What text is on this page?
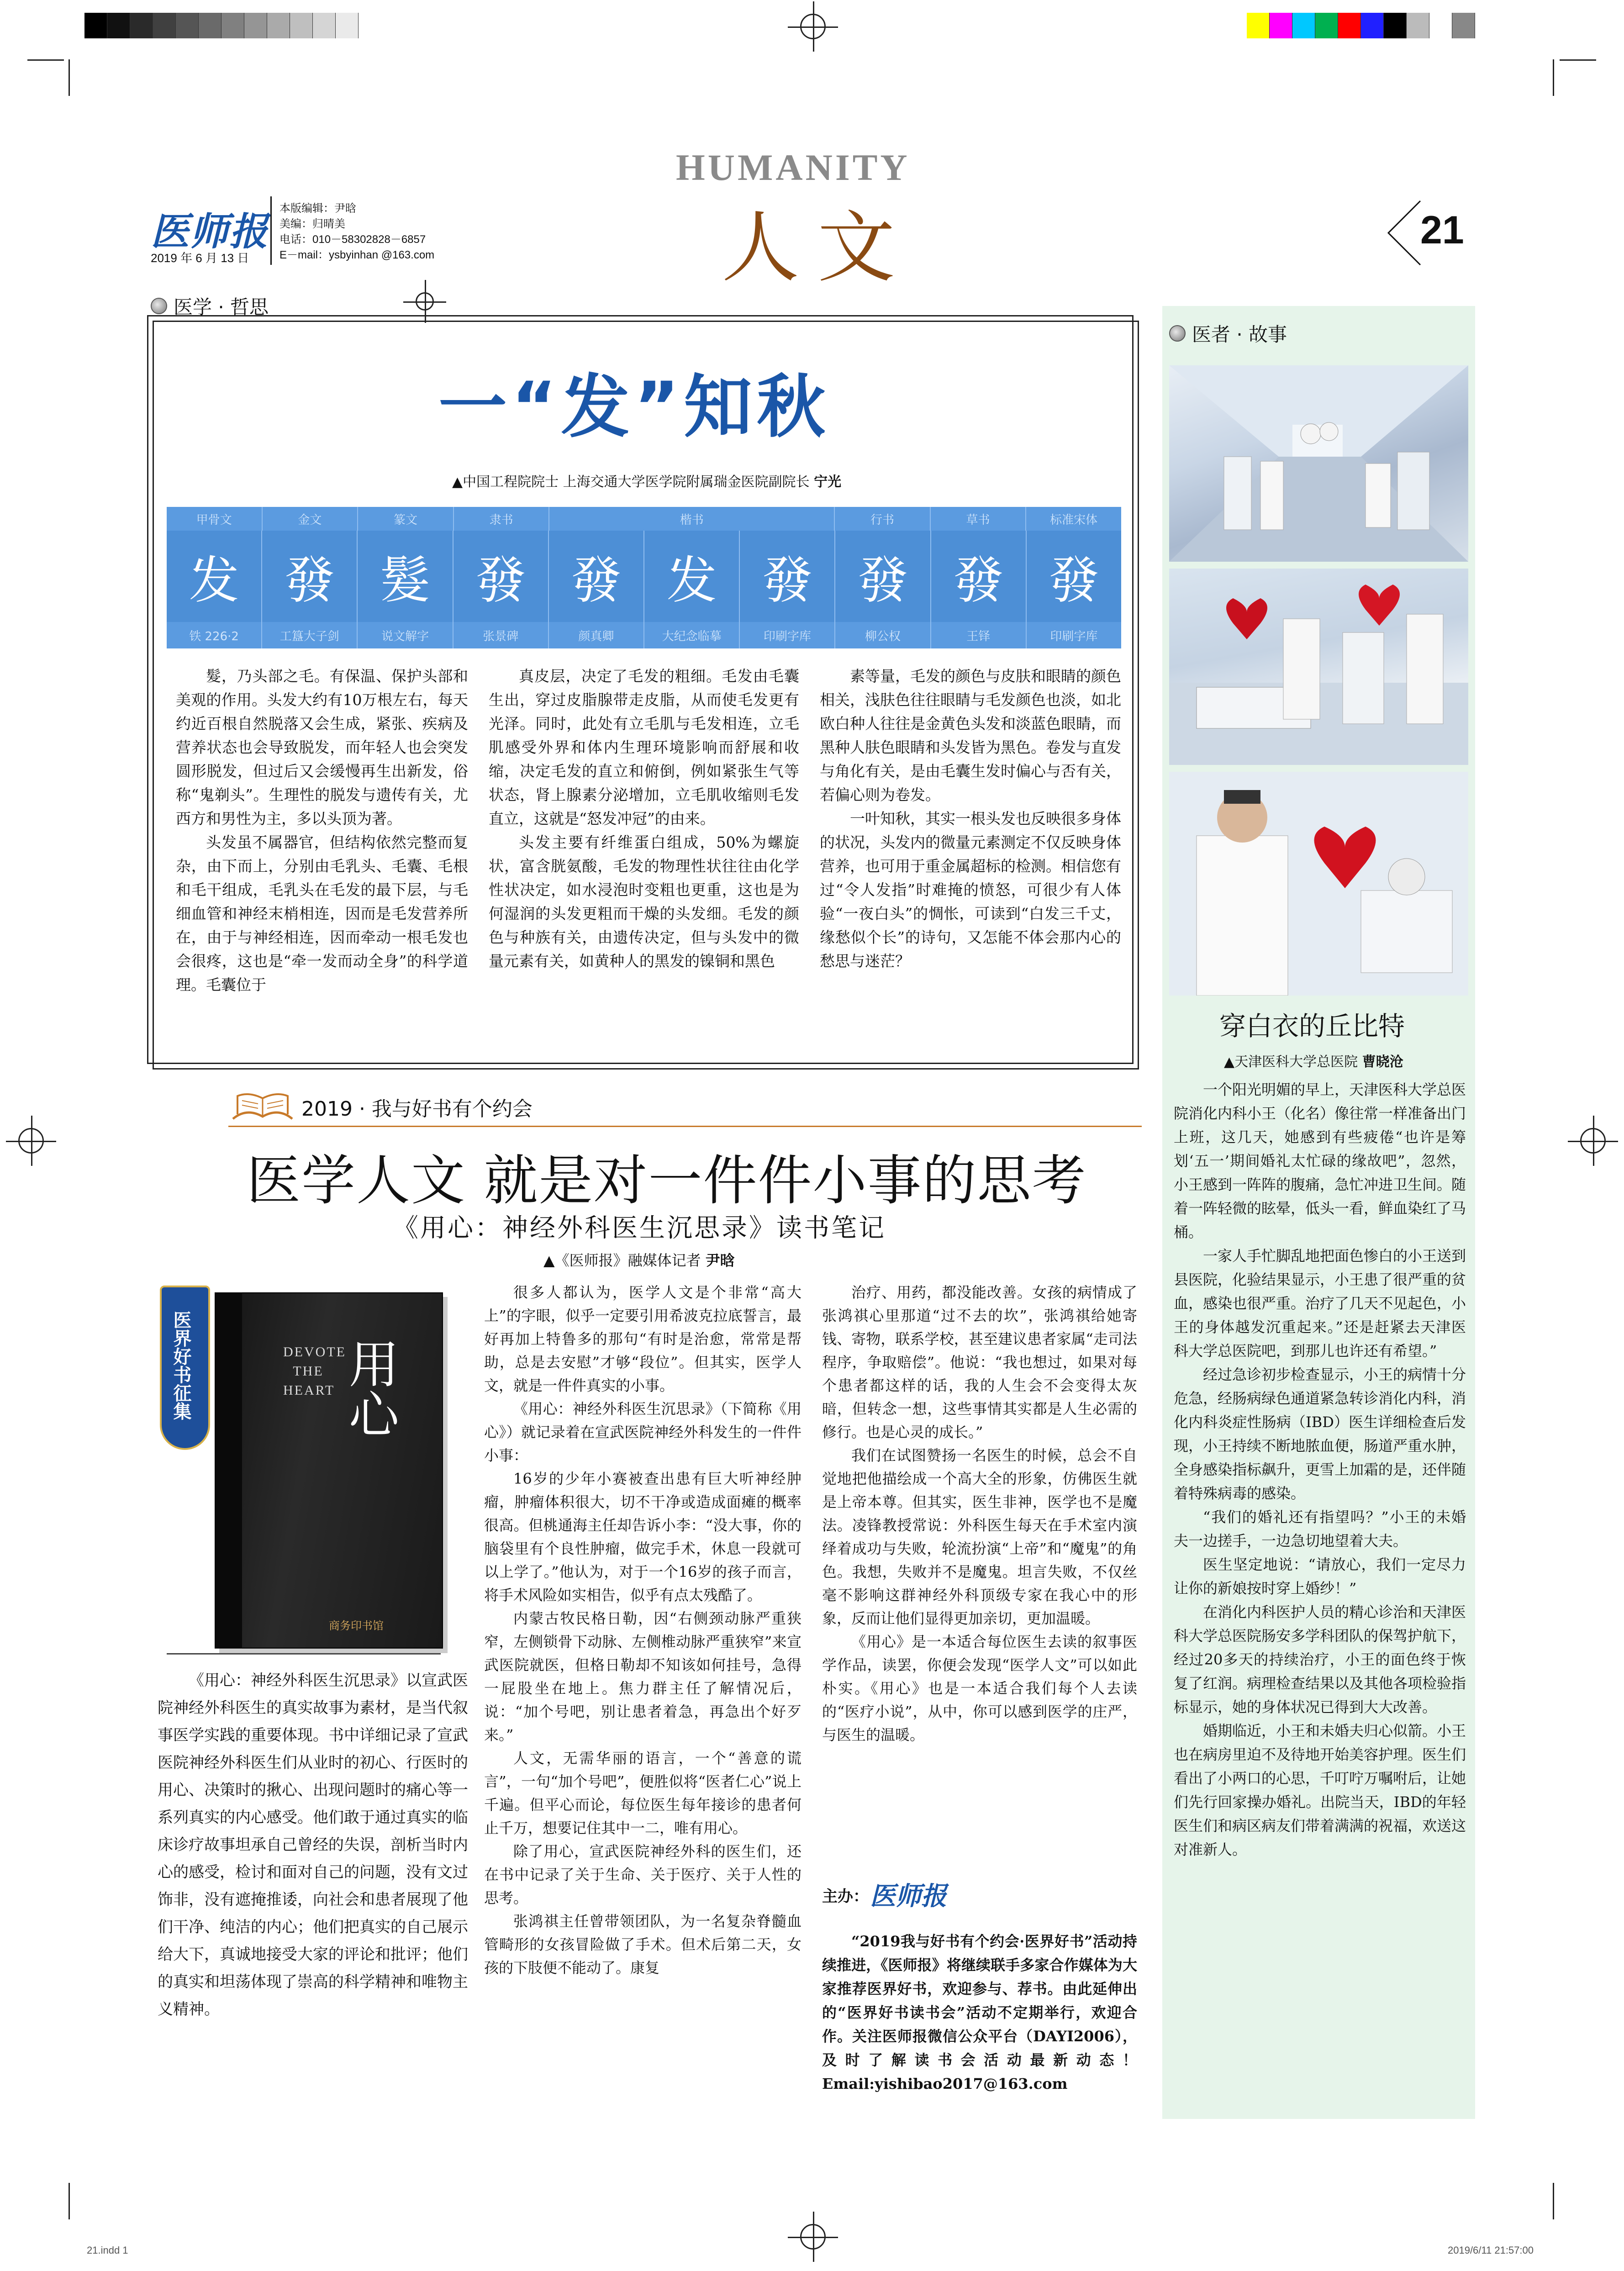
医师报
2019 年 6 月 13 日
本版编辑：尹晗
美编：归晴美
电话：010－58302828－6857
E－mail：ysbyinhan @163.com
HUMANITY
人文	21
医学 · 哲思
一“发”知秋
▲中国工程院院士 上海交通大学医学院附属瑞金医院副院长 宁光
甲骨文	金文	篆文	隶书	楷书	行书	草书	标准宋体
发 發 髮 發 發 发 發 發 發 發
铁 226·2	工簋大子剑	说文解字	张景碑	颜真卿	大纪念临摹	印刷字库	柳公权	王铎	印刷字库

髮，乃头部之毛。有保温、保护头部和美观的作用。头发大约有10万根左右，每天约近百根自然脱落又会生成，紧张、疾病及营养状态也会导致脱发，而年轻人也会突发圆形脱发，但过后又会缓慢再生出新发，俗称“鬼剃头”。生理性的脱发与遗传有关，尤西方和男性为主，多以头顶为著。

头发虽不属器官，但结构依然完整而复杂，由下而上，分别由毛乳头、毛囊、毛根和毛干组成，毛乳头在毛发的最下层，与毛细血管和神经末梢相连，因而是毛发营养所在，由于与神经相连，因而牵动一根毛发也会很疼，这也是“牵一发而动全身”的科学道理。毛囊位于

真皮层，决定了毛发的粗细。毛发由毛囊生出，穿过皮脂腺带走皮脂，从而使毛发更有光泽。同时，此处有立毛肌与毛发相连，立毛肌感受外界和体内生理环境影响而舒展和收缩，决定毛发的直立和俯倒，例如紧张生气等状态，肾上腺素分泌增加，立毛肌收缩则毛发直立，这就是“怒发冲冠”的由来。

头发主要有纤维蛋白组成，50%为螺旋状，富含胱氨酸，毛发的物理性状往往由化学性状决定，如水浸泡时变粗也更重，这也是为何湿润的头发更粗而干燥的头发细。毛发的颜色与种族有关，由遗传决定，但与头发中的微量元素有关，如黄种人的黑发的镍铜和黑色

素等量，毛发的颜色与皮肤和眼睛的颜色相关，浅肤色往往眼睛与毛发颜色也淡，如北欧白种人往往是金黄色头发和淡蓝色眼睛，而黑种人肤色眼睛和头发皆为黑色。卷发与直发与角化有关，是由毛囊生发时偏心与否有关，若偏心则为卷发。

一叶知秋，其实一根头发也反映很多身体的状况，头发内的微量元素测定不仅反映身体营养，也可用于重金属超标的检测。相信您有过“令人发指”时难掩的愤怒，可很少有人体验“一夜白头”的惆怅，可读到“白发三千丈，缘愁似个长”的诗句，又怎能不体会那内心的愁思与迷茫？

医者 · 故事
穿白衣的丘比特
▲天津医科大学总医院 曹晓沧

一个阳光明媚的早上，天津医科大学总医院消化内科小王（化名）像往常一样准备出门上班，这几天，她感到有些疲倦“也许是筹划‘五一’期间婚礼太忙碌的缘故吧”，忽然，小王感到一阵阵的腹痛，急忙冲进卫生间。随着一阵轻微的眩晕，低头一看，鲜血染红了马桶。

一家人手忙脚乱地把面色惨白的小王送到县医院，化验结果显示，小王患了很严重的贫血，感染也很严重。治疗了几天不见起色，小王的身体越发沉重起来。”还是赶紧去天津医科大学总医院吧，到那儿也许还有希望。”

经过急诊初步检查显示，小王的病情十分危急，经肠病绿色通道紧急转诊消化内科，消化内科炎症性肠病（IBD）医生详细检查后发现，小王持续不断地脓血便，肠道严重水肿，全身感染指标飙升，更雪上加霜的是，还伴随着特殊病毒的感染。

“我们的婚礼还有指望吗？”小王的未婚夫一边搓手，一边急切地望着大夫。

医生坚定地说：“请放心，我们一定尽力让你的新娘按时穿上婚纱！”

在消化内科医护人员的精心诊治和天津医科大学总医院肠安多学科团队的保驾护航下，经过20多天的持续治疗，小王的面色终于恢复了红润。病理检查结果以及其他各项检验指标显示，她的身体状况已得到大大改善。

婚期临近，小王和未婚夫归心似箭。小王也在病房里迫不及待地开始美容护理。医生们看出了小两口的心思，千叮咛万嘱咐后，让她们先行回家操办婚礼。出院当天，IBD的年轻医生们和病区病友们带着满满的祝福，欢送这对准新人。

2019 · 我与好书有个约会
医学人文 就是对一件件小事的思考
《用心：神经外科医生沉思录》读书笔记
▲《医师报》融媒体记者 尹晗
DEVOTE THE HEART 用心
商务印书馆
医界好书征集

《用心：神经外科医生沉思录》以宣武医院神经外科医生的真实故事为素材，是当代叙事医学实践的重要体现。书中详细记录了宣武医院神经外科医生们从业时的初心、行医时的用心、决策时的揪心、出现问题时的痛心等一系列真实的内心感受。他们敢于通过真实的临床诊疗故事坦承自己曾经的失误，剖析当时内心的感受，检讨和面对自己的问题，没有文过饰非，没有遮掩推诿，向社会和患者展现了他们干净、纯洁的内心；他们把真实的自己展示给大下，真诚地接受大家的评论和批评；他们的真实和坦荡体现了崇高的科学精神和唯物主义精神。

很多人都认为，医学人文是个非常“高大上”的字眼，似乎一定要引用希波克拉底誓言，最好再加上特鲁多的那句“有时是治愈，常常是帮助，总是去安慰”才够“段位”。但其实，医学人文，就是一件件真实的小事。

《用心：神经外科医生沉思录》（下简称《用心》）就记录着在宣武医院神经外科发生的一件件小事：

16岁的少年小赛被查出患有巨大听神经肿瘤，肿瘤体积很大，切不干净或造成面瘫的概率很高。但桃通海主任却告诉小李：“没大事，你的脑袋里有个良性肿瘤，做完手术，休息一段就可以上学了。”他认为，对于一个16岁的孩子而言，将手术风险如实相告，似乎有点太残酷了。

内蒙古牧民格日勒，因“右侧颈动脉严重狭窄，左侧锁骨下动脉、左侧椎动脉严重狭窄”来宣武医院就医，但格日勒却不知该如何挂号，急得一屁股坐在地上。焦力群主任了解情况后，说：“加个号吧，别让患者着急，再急出个好歹来。”

人文，无需华丽的语言，一个“善意的谎言”，一句“加个号吧”，便胜似将“医者仁心”说上千遍。但平心而论，每位医生每年接诊的患者何止千万，想要记住其中一二，唯有用心。

除了用心，宣武医院神经外科的医生们，还在书中记录了关于生命、关于医疗、关于人性的思考。

张鸿祺主任曾带领团队，为一名复杂脊髓血管畸形的女孩冒险做了手术。但术后第二天，女孩的下肢便不能动了。康复

治疗、用药，都没能改善。女孩的病情成了张鸿祺心里那道“过不去的坎”，张鸿祺给她寄钱、寄物，联系学校，甚至建议患者家属“走司法程序，争取赔偿”。他说：“我也想过，如果对每个患者都这样的话，我的人生会不会变得太灰暗，但转念一想，这些事情其实都是人生必需的修行。也是心灵的成长。”

我们在试图赞扬一名医生的时候，总会不自觉地把他描绘成一个高大全的形象，仿佛医生就是上帝本尊。但其实，医生非神，医学也不是魔法。凌锋教授常说：外科医生每天在手术室内演绎着成功与失败，轮流扮演“上帝”和“魔鬼”的角色。我想，失败并不是魔鬼。坦言失败，不仅丝毫不影响这群神经外科顶级专家在我心中的形象，反而让他们显得更加亲切，更加温暖。

《用心》是一本适合每位医生去读的叙事医学作品，读罢，你便会发现“医学人文”可以如此朴实。《用心》也是一本适合我们每个人去读的“医疗小说”，从中，你可以感到医学的庄严，与医生的温暖。

主办： 医师报

“2019我与好书有个约会·医界好书”活动持续推进，《医师报》将继续联手多家合作媒体为大家推荐医界好书，欢迎参与、荐书。由此延伸出的“医界好书读书会”活动不定期举行，欢迎合作。关注医师报微信公众平台（DAYI2006），及时了解读书会活动最新动态！Email:yishibao2017@163.com

21.indd 1	2019/6/11 21:57:00
